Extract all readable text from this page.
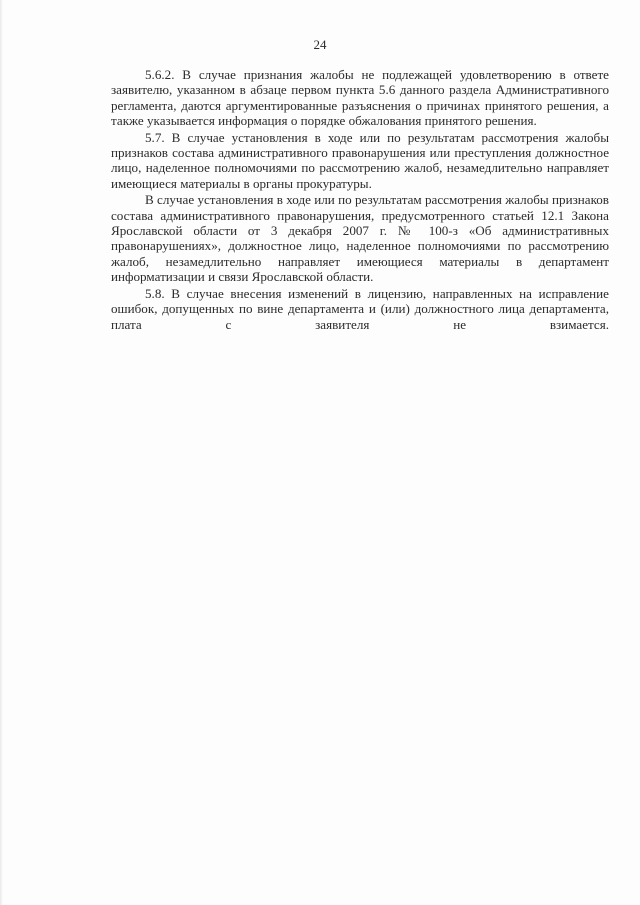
24

5.6.2. В случае признания жалобы не подлежащей удовлетворению в ответе заявителю, указанном в абзаце первом пункта 5.6 данного раздела Административного регламента, даются аргументированные разъяснения о причинах принятого решения, а также указывается информация о порядке обжалования принятого решения.

5.7. В случае установления в ходе или по результатам рассмотрения жалобы признаков состава административного правонарушения или преступления должностное лицо, наделенное полномочиями по рассмотрению жалоб, незамедлительно направляет имеющиеся материалы в органы прокуратуры.

В случае установления в ходе или по результатам рассмотрения жалобы признаков состава административного правонарушения, предусмотренного статьей 12.1 Закона Ярославской области от 3 декабря 2007 г. № 100-з «Об административных правонарушениях», должностное лицо, наделенное полномочиями по рассмотрению жалоб, незамедлительно направляет имеющиеся материалы в департамент информатизации и связи Ярославской области.

5.8. В случае внесения изменений в лицензию, направленных на исправление ошибок, допущенных по вине департамента и (или) должностного лица департамента, плата с заявителя не взимается.
